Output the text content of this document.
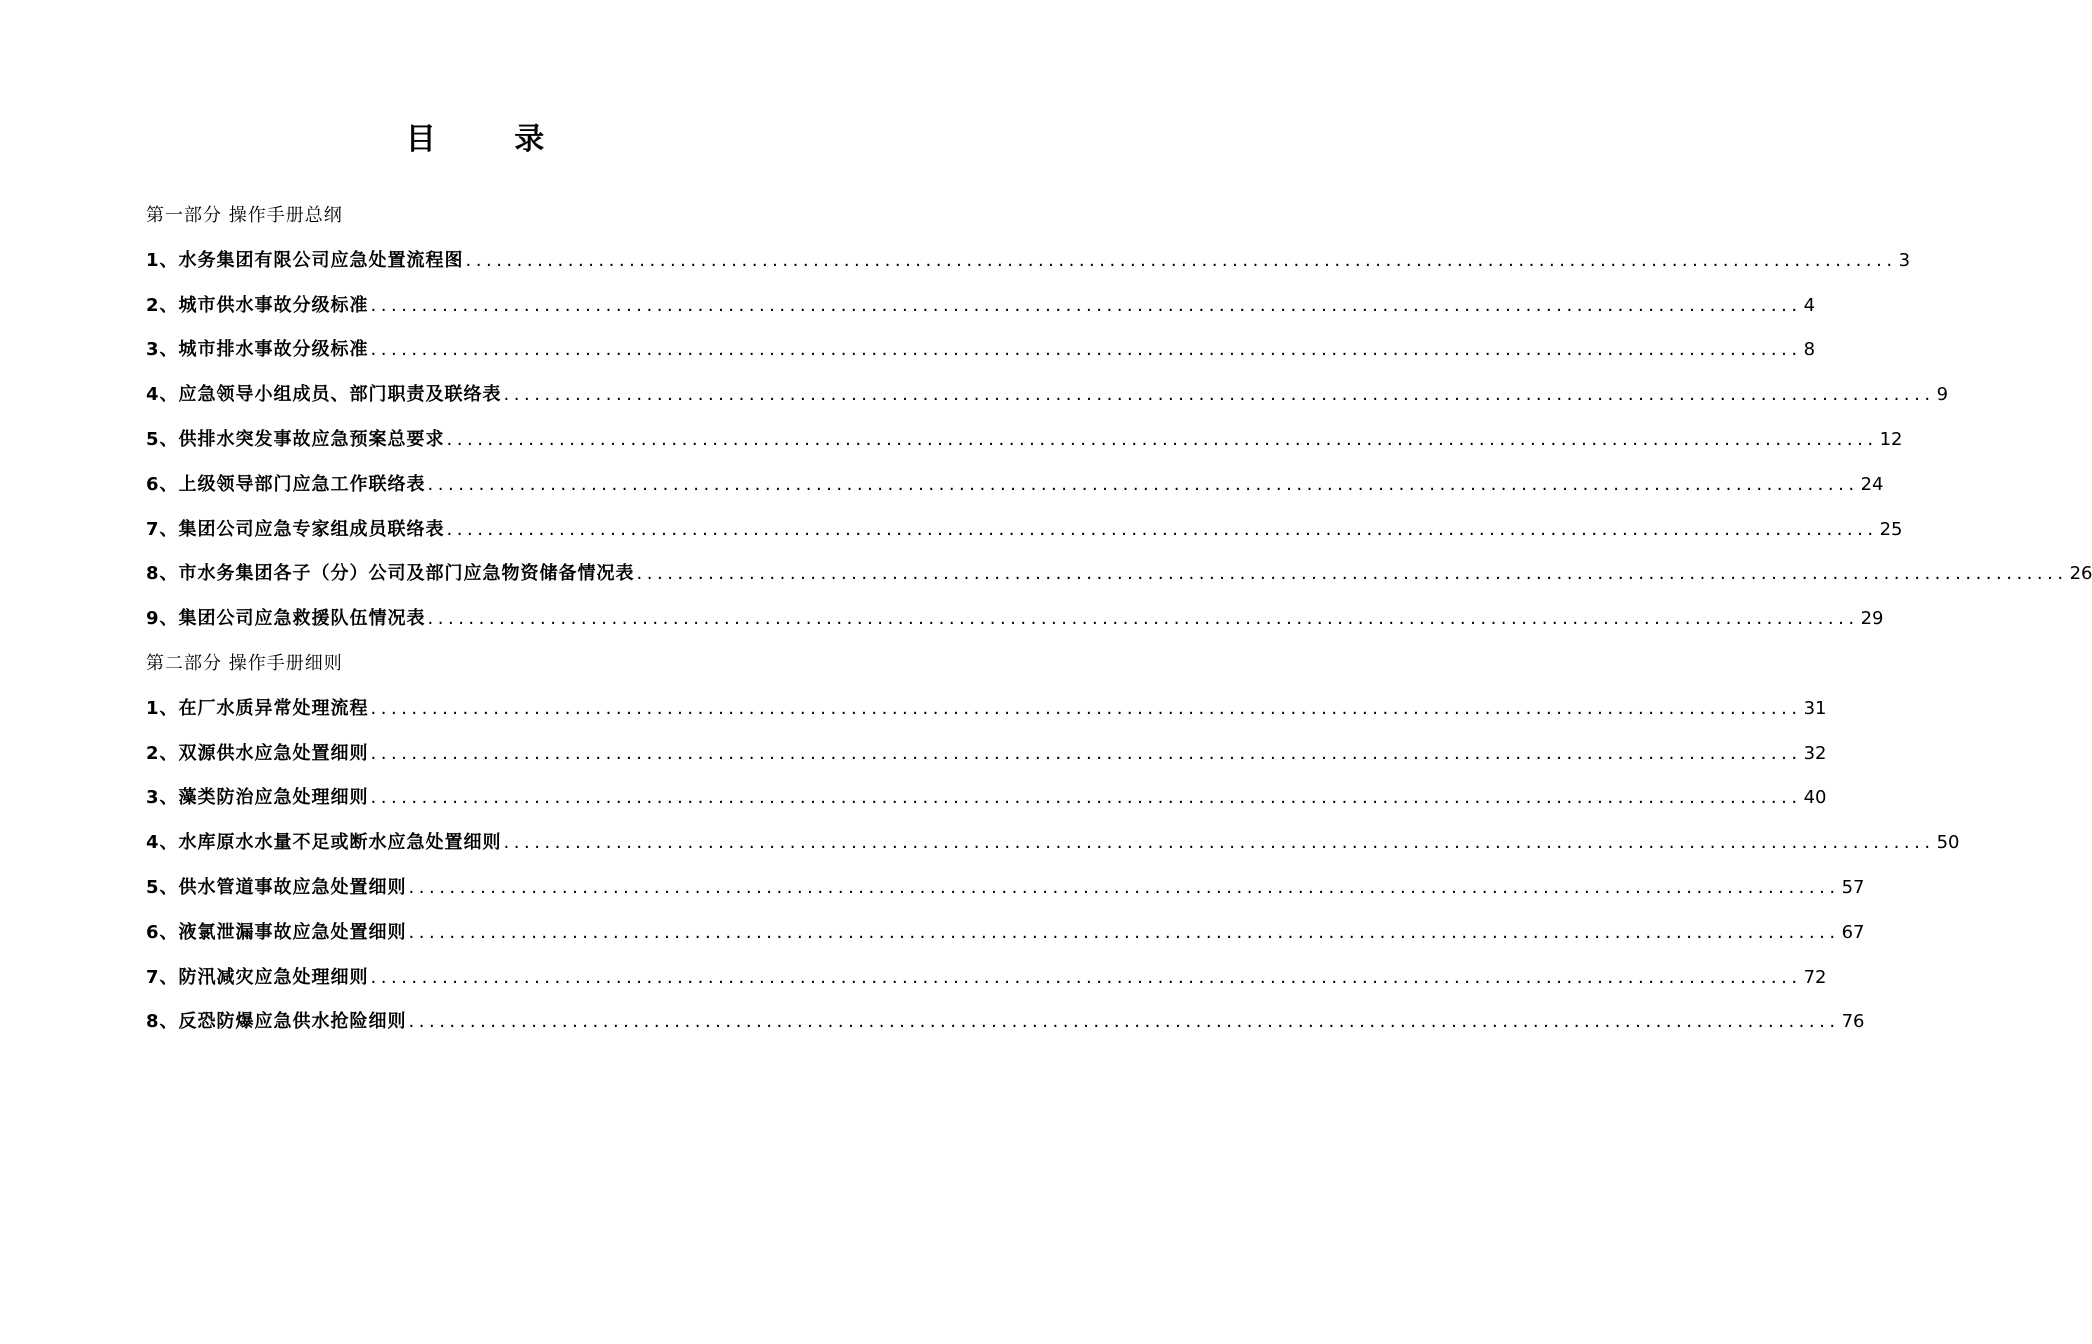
目 录
第一部分 操作手册总纲
1、水务集团有限公司应急处置流程图 ............................................................................................................................................ 3
2、城市供水事故分级标准 ............................................................................................................................................ 4
3、城市排水事故分级标准 ............................................................................................................................................ 8
4、应急领导小组成员、部门职责及联络表 ............................................................................................................................................ 9
5、供排水突发事故应急预案总要求 ............................................................................................................................................ 12
6、上级领导部门应急工作联络表 ............................................................................................................................................ 24
7、集团公司应急专家组成员联络表 ............................................................................................................................................ 25
8、市水务集团各子（分）公司及部门应急物资储备情况表 ............................................................................................................................................ 26
9、集团公司应急救援队伍情况表 ............................................................................................................................................ 29
第二部分 操作手册细则
1、在厂水质异常处理流程 ............................................................................................................................................ 31
2、双源供水应急处置细则 ............................................................................................................................................ 32
3、藻类防治应急处理细则 ............................................................................................................................................ 40
4、水库原水水量不足或断水应急处置细则 ............................................................................................................................................ 50
5、供水管道事故应急处置细则 ............................................................................................................................................ 57
6、液氯泄漏事故应急处置细则 ............................................................................................................................................ 67
7、防汛减灾应急处理细则 ............................................................................................................................................ 72
8、反恐防爆应急供水抢险细则 ............................................................................................................................................ 76
